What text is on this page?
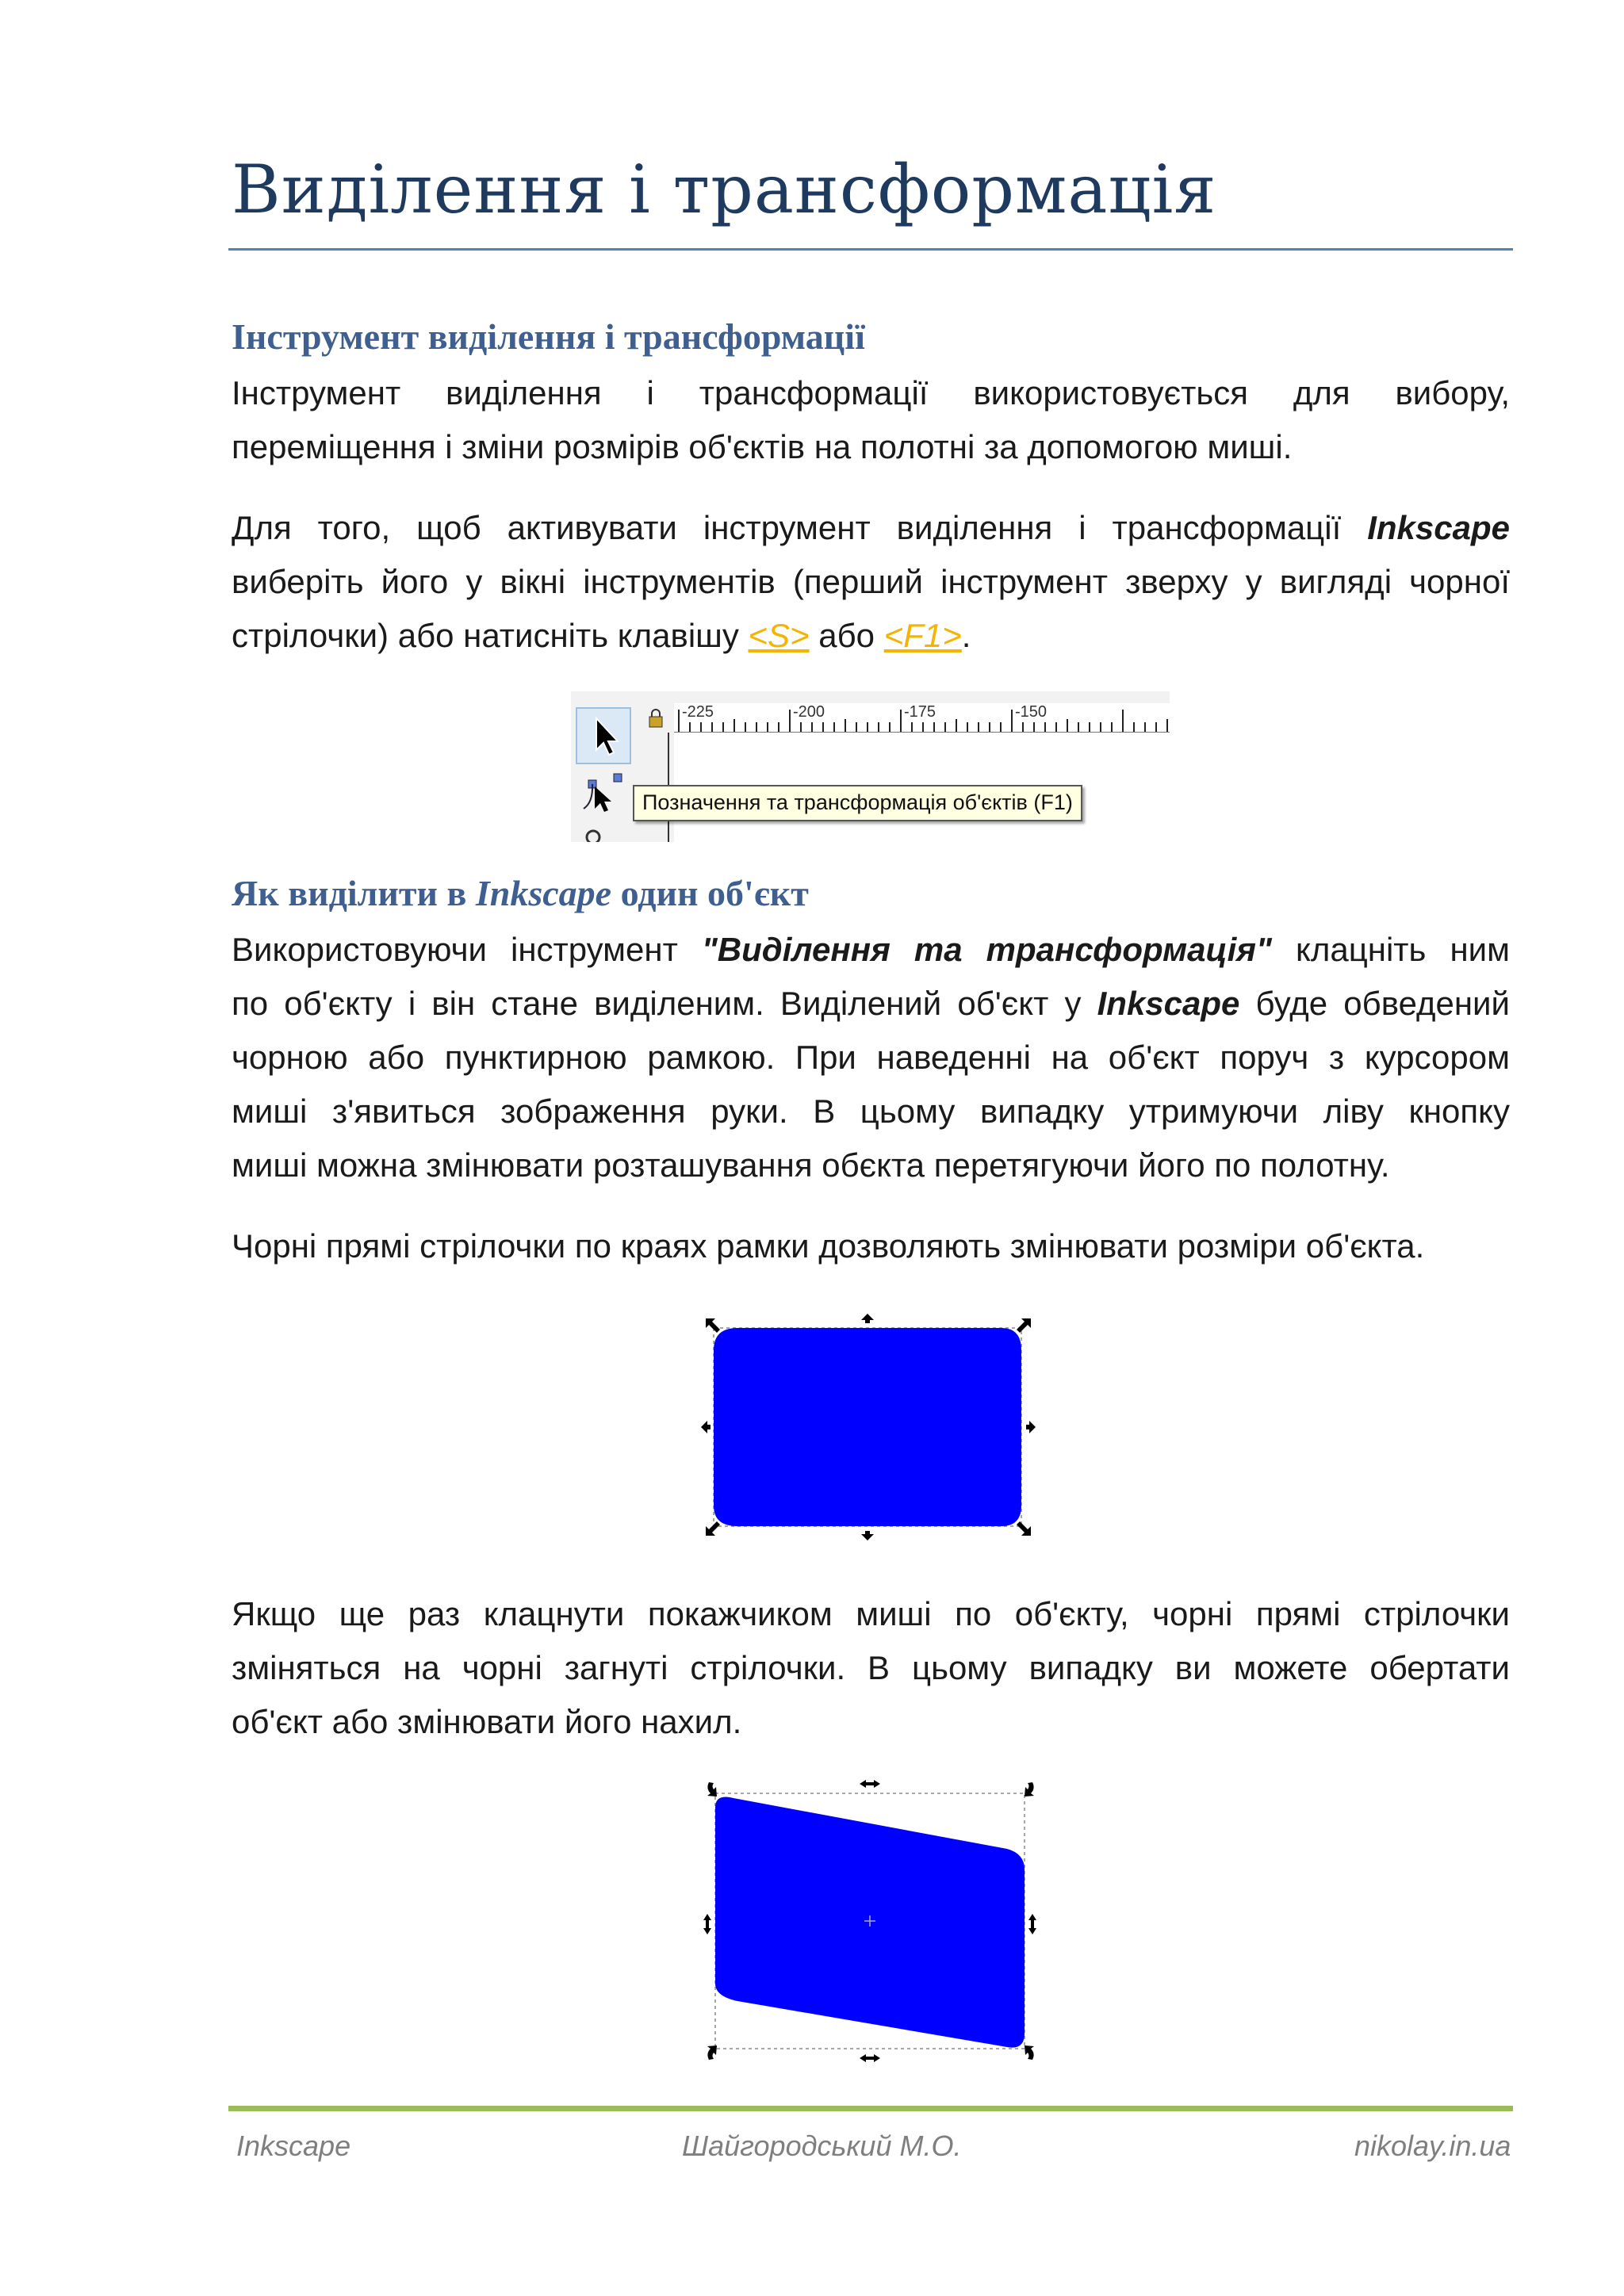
Виділення і трансформація
Інструмент виділення і трансформації
Інструмент виділення і трансформації використовується для вибору,
переміщення і зміни розмірів об'єктів на полотні за допомогою миші.
Для того, щоб активувати інструмент виділення і трансформації Inkscape
виберіть його у вікні інструментів (перший інструмент зверху у вигляді чорної
стрілочки) або натисніть клавішу <S> або <F1>.
-225	-200	-175	-150
Позначення та трансформація об'єктів (F1)
Як виділити в Inkscape один об'єкт
Використовуючи інструмент "Виділення та трансформація" клацніть ним
по об'єкту і він стане виділеним. Виділений об'єкт у Inkscape буде обведений
чорною або пунктирною рамкою. При наведенні на об'єкт поруч з курсором
миші з'явиться зображення руки. В цьому випадку утримуючи ліву кнопку
миші можна змінювати розташування обєкта перетягуючи його по полотну.
Чорні прямі стрілочки по краях рамки дозволяють змінювати розміри об'єкта.
Якщо ще раз клацнути покажчиком миші по об'єкту, чорні прямі стрілочки
зміняться на чорні загнуті стрілочки. В цьому випадку ви можете обертати
об'єкт або змінювати його нахил.
Inkscape	Шайгородський М.О.	nikolay.in.ua
